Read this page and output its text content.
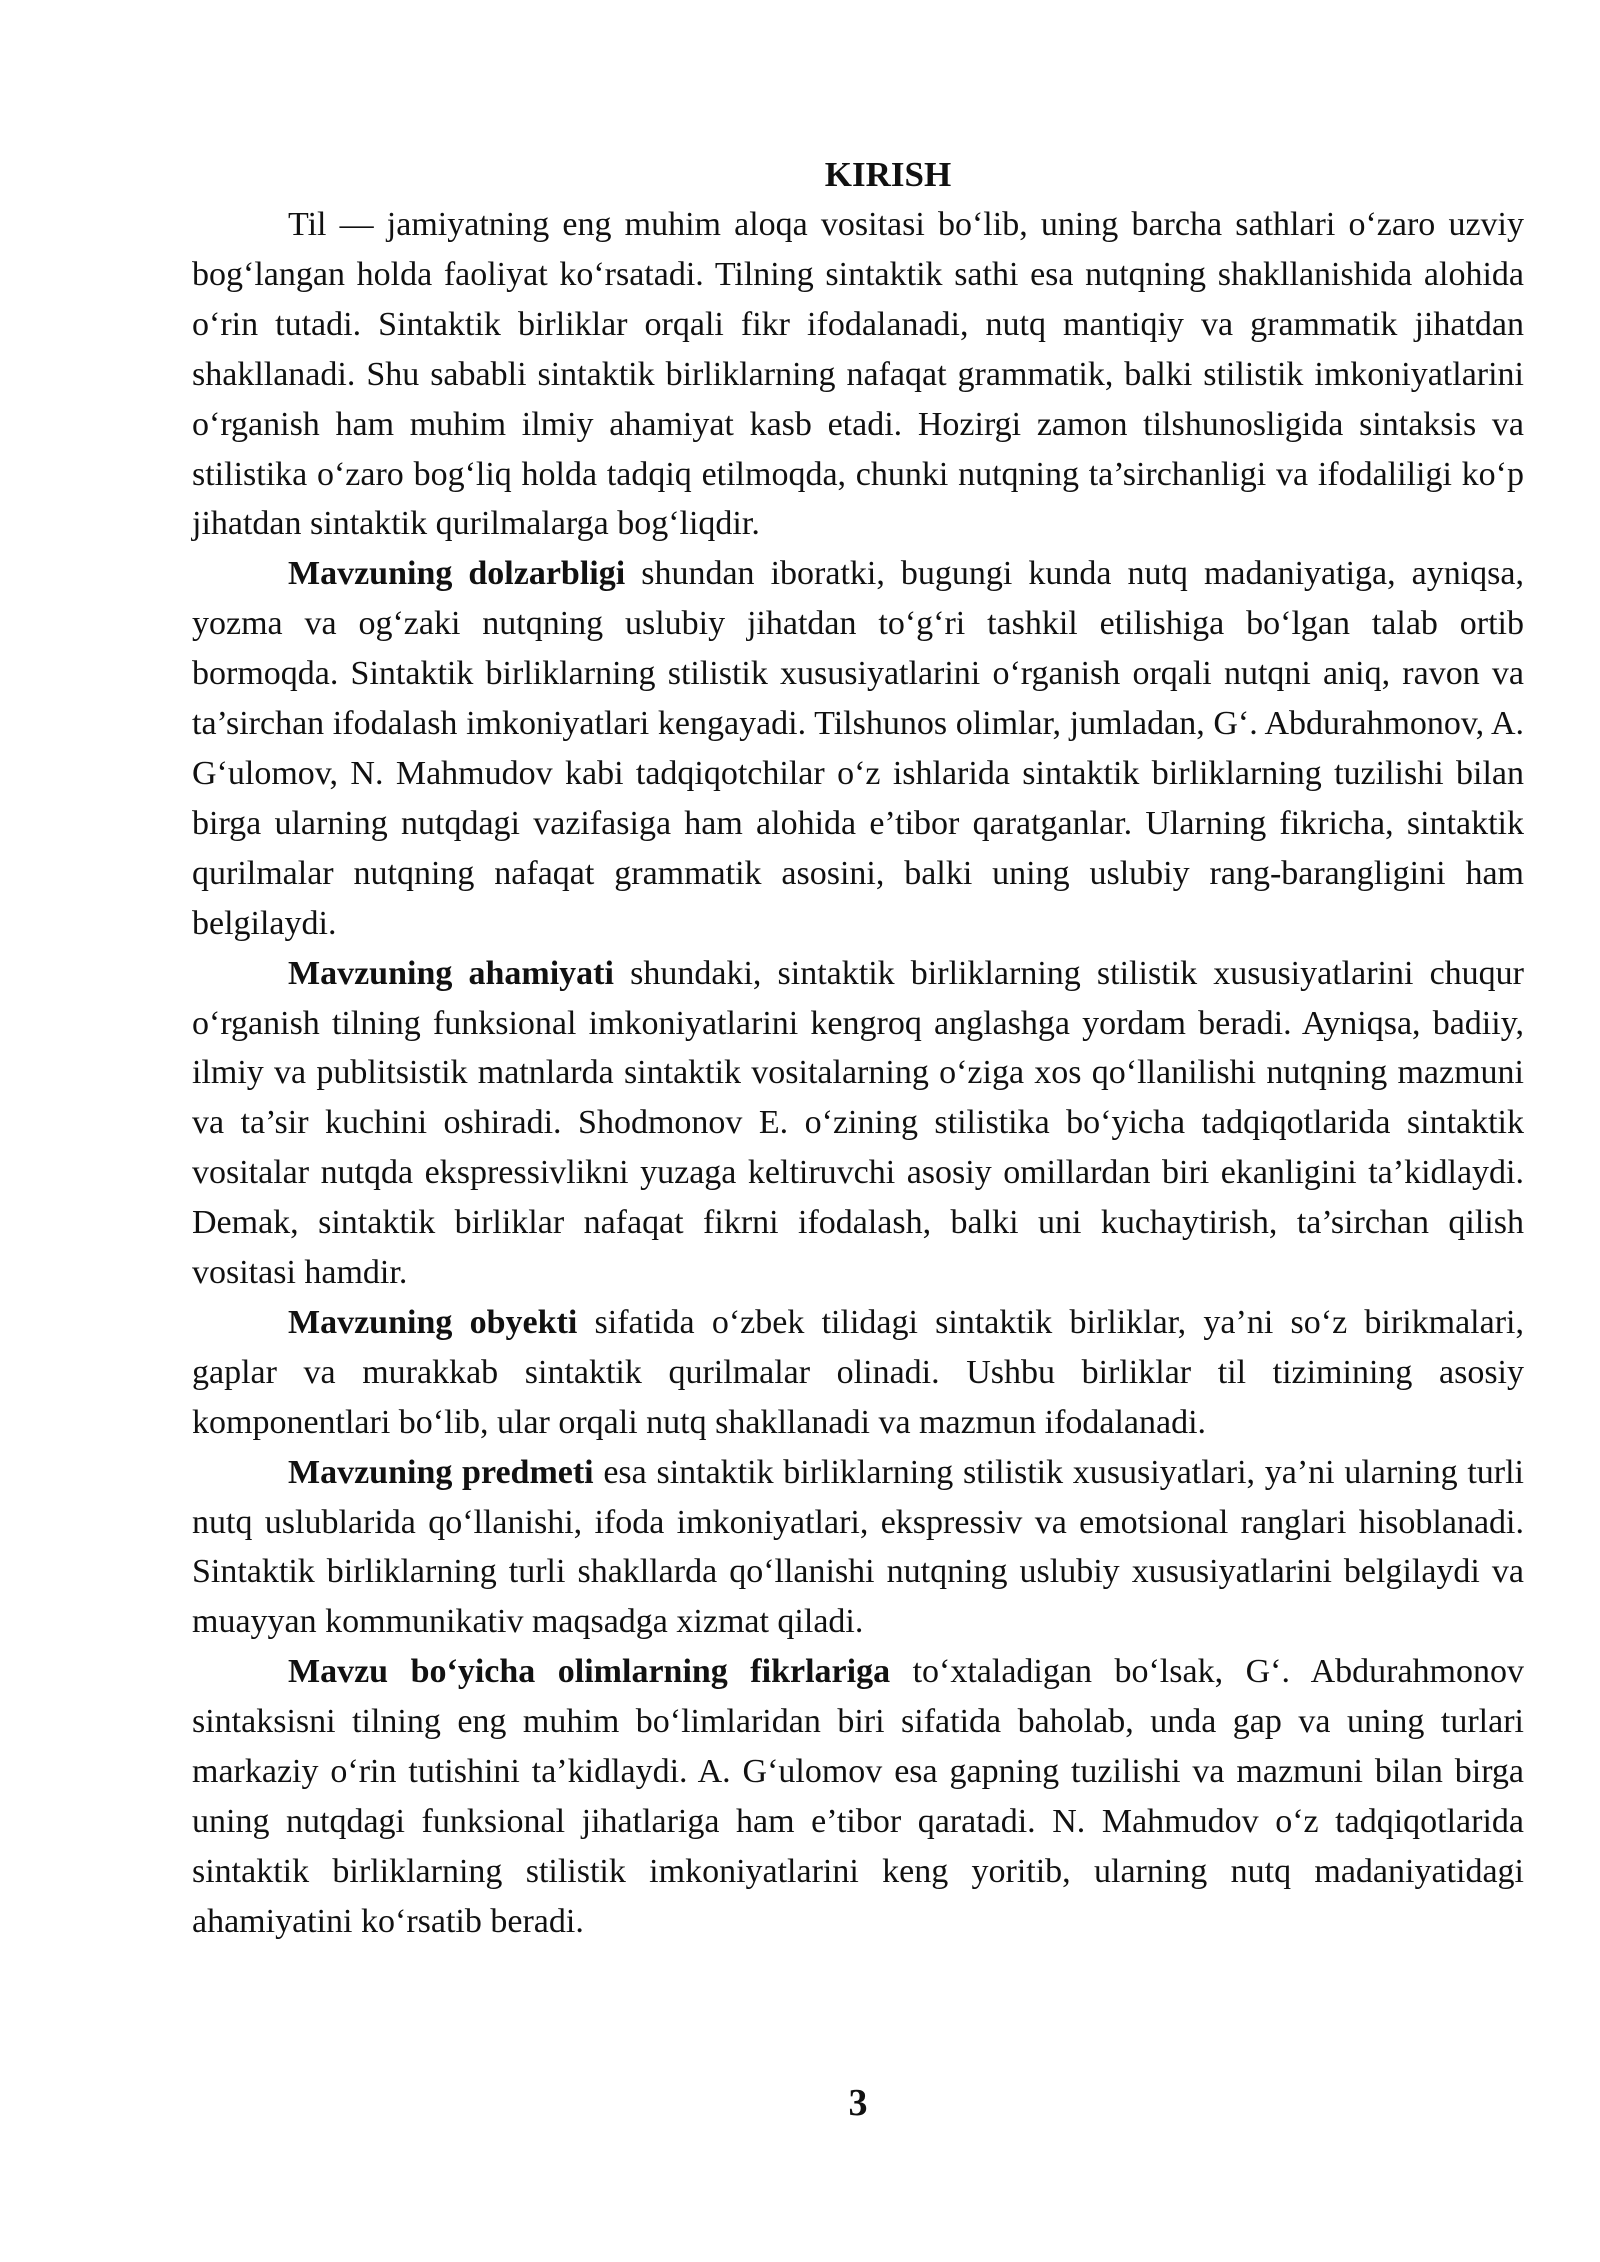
KIRISH

Til — jamiyatning eng muhim aloqa vositasi bo‘lib, uning barcha sathlari o‘zaro uzviy bog‘langan holda faoliyat ko‘rsatadi. Tilning sintaktik sathi esa nutqning shakllanishida alohida o‘rin tutadi. Sintaktik birliklar orqali fikr ifodalanadi, nutq mantiqiy va grammatik jihatdan shakllanadi. Shu sababli sintaktik birliklarning nafaqat grammatik, balki stilistik imkoniyatlarini o‘rganish ham muhim ilmiy ahamiyat kasb etadi. Hozirgi zamon tilshunosligida sintaksis va stilistika o‘zaro bog‘liq holda tadqiq etilmoqda, chunki nutqning ta’sirchanligi va ifodaliligi ko‘p jihatdan sintaktik qurilmalarga bog‘liqdir.

Mavzuning dolzarbligi shundan iboratki, bugungi kunda nutq madaniyatiga, ayniqsa, yozma va og‘zaki nutqning uslubiy jihatdan to‘g‘ri tashkil etilishiga bo‘lgan talab ortib bormoqda. Sintaktik birliklarning stilistik xususiyatlarini o‘rganish orqali nutqni aniq, ravon va ta’sirchan ifodalash imkoniyatlari kengayadi. Tilshunos olimlar, jumladan, G‘. Abdurahmonov, A. G‘ulomov, N. Mahmudov kabi tadqiqotchilar o‘z ishlarida sintaktik birliklarning tuzilishi bilan birga ularning nutqdagi vazifasiga ham alohida e’tibor qaratganlar. Ularning fikricha, sintaktik qurilmalar nutqning nafaqat grammatik asosini, balki uning uslubiy rang-barangligini ham belgilaydi.

Mavzuning ahamiyati shundaki, sintaktik birliklarning stilistik xususiyatlarini chuqur o‘rganish tilning funksional imkoniyatlarini kengroq anglashga yordam beradi. Ayniqsa, badiiy, ilmiy va publitsistik matnlarda sintaktik vositalarning o‘ziga xos qo‘llanilishi nutqning mazmuni va ta’sir kuchini oshiradi. Shodmonov E. o‘zining stilistika bo‘yicha tadqiqotlarida sintaktik vositalar nutqda ekspressivlikni yuzaga keltiruvchi asosiy omillardan biri ekanligini ta’kidlaydi. Demak, sintaktik birliklar nafaqat fikrni ifodalash, balki uni kuchaytirish, ta’sirchan qilish vositasi hamdir.

Mavzuning obyekti sifatida o‘zbek tilidagi sintaktik birliklar, ya’ni so‘z birikmalari, gaplar va murakkab sintaktik qurilmalar olinadi. Ushbu birliklar til tizimining asosiy komponentlari bo‘lib, ular orqali nutq shakllanadi va mazmun ifodalanadi.

Mavzuning predmeti esa sintaktik birliklarning stilistik xususiyatlari, ya’ni ularning turli nutq uslublarida qo‘llanishi, ifoda imkoniyatlari, ekspressiv va emotsional ranglari hisoblanadi. Sintaktik birliklarning turli shakllarda qo‘llanishi nutqning uslubiy xususiyatlarini belgilaydi va muayyan kommunikativ maqsadga xizmat qiladi.

Mavzu bo‘yicha olimlarning fikrlariga to‘xtaladigan bo‘lsak, G‘. Abdurahmonov sintaksisni tilning eng muhim bo‘limlaridan biri sifatida baholab, unda gap va uning turlari markaziy o‘rin tutishini ta’kidlaydi. A. G‘ulomov esa gapning tuzilishi va mazmuni bilan birga uning nutqdagi funksional jihatlariga ham e’tibor qaratadi. N. Mahmudov o‘z tadqiqotlarida sintaktik birliklarning stilistik imkoniyatlarini keng yoritib, ularning nutq madaniyatidagi ahamiyatini ko‘rsatib beradi.

3
